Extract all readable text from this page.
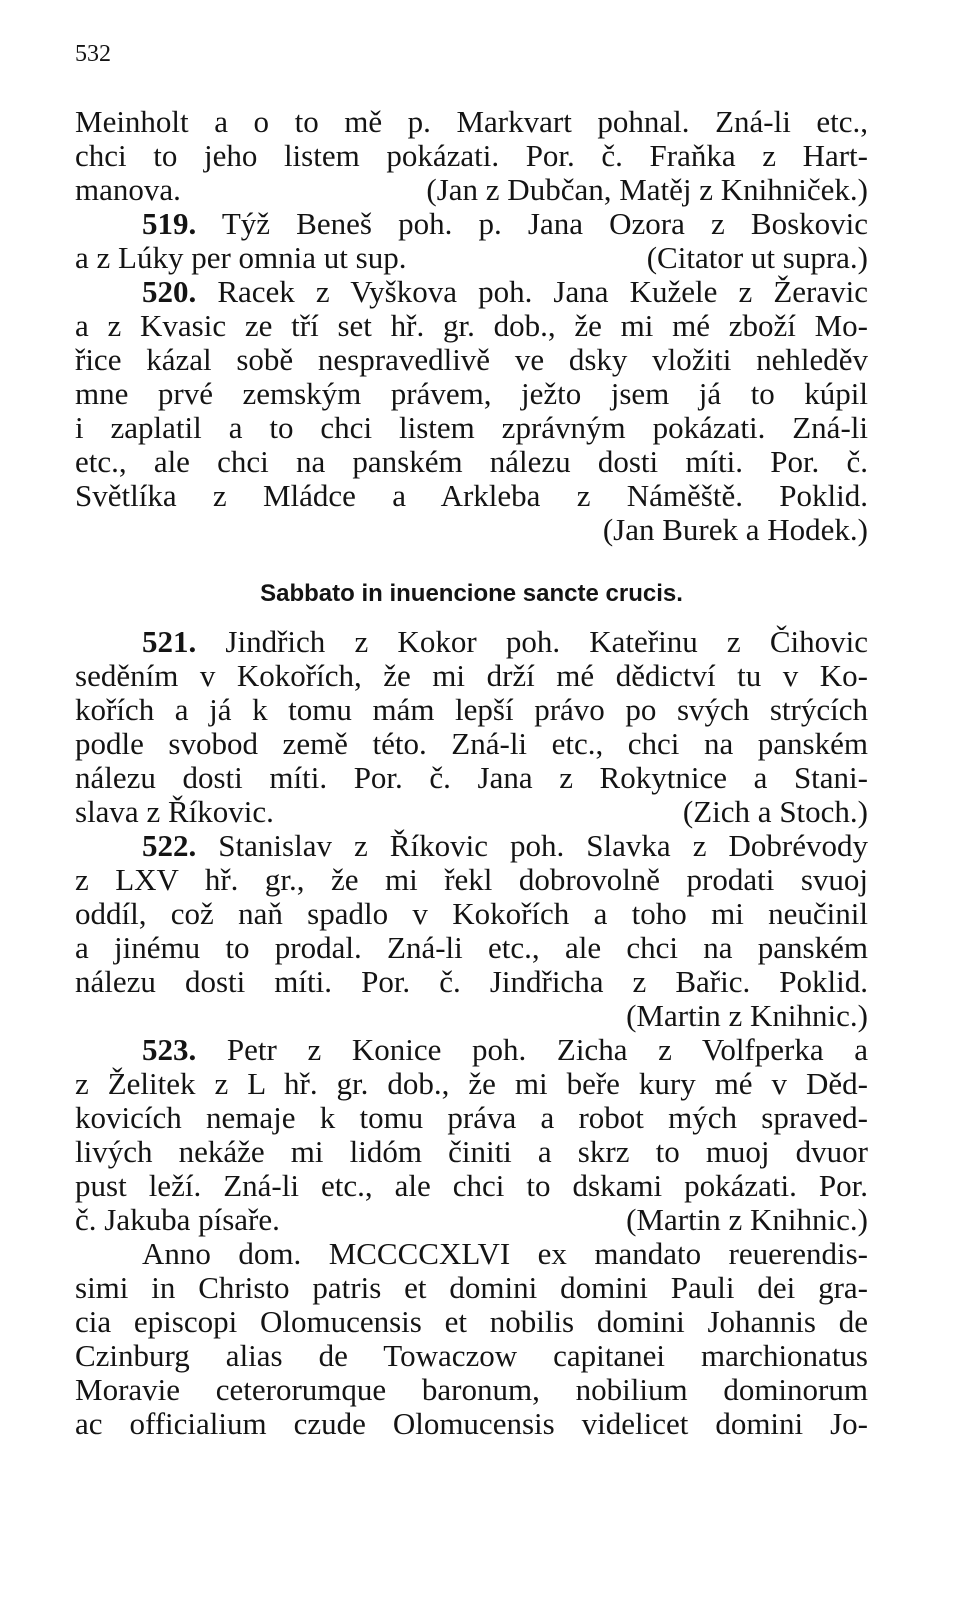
532
Meinholt a o to mě p. Markvart pohnal. Zná-li etc.,
chci to jeho listem pokázati. Por. č. Fraňka z Hart-
manova.	(Jan z Dubčan, Matěj z Knihniček.)
519. Týž Beneš poh. p. Jana Ozora z Boskovic
a z Lúky per omnia ut sup.	(Citator ut supra.)
520. Racek z Vyškova poh. Jana Kužele z Žeravic
a z Kvasic ze tří set hř. gr. dob., že mi mé zboží Mo-
řice kázal sobě nespravedlivě ve dsky vložiti nehleděv
mne prvé zemským právem, ježto jsem já to kúpil
i zaplatil a to chci listem zprávným pokázati. Zná-li
etc., ale chci na panském nálezu dosti míti. Por. č.
Světlíka z Mládce a Arkleba z Náměště. Poklid.
(Jan Burek a Hodek.)
Sabbato in inuencione sancte crucis.
521. Jindřich z Kokor poh. Kateřinu z Čihovic
seděním v Kokořích, že mi drží mé dědictví tu v Ko-
kořích a já k tomu mám lepší právo po svých strýcích
podle svobod země této. Zná-li etc., chci na panském
nálezu dosti míti. Por. č. Jana z Rokytnice a Stani-
slava z Říkovic.	(Zich a Stoch.)
522. Stanislav z Říkovic poh. Slavka z Dobrévody
z LXV hř. gr., že mi řekl dobrovolně prodati svuoj
oddíl, což naň spadlo v Kokořích a toho mi neučinil
a jinému to prodal. Zná-li etc., ale chci na panském
nálezu dosti míti. Por. č. Jindřicha z Bařic. Poklid.
(Martin z Knihnic.)
523. Petr z Konice poh. Zicha z Volfperka a
z Želitek z L hř. gr. dob., že mi beře kury mé v Děd-
kovicích nemaje k tomu práva a robot mých spraved-
livých nekáže mi lidóm činiti a skrz to muoj dvuor
pust leží. Zná-li etc., ale chci to dskami pokázati. Por.
č. Jakuba písaře.	(Martin z Knihnic.)
Anno dom. MCCCCXLVI ex mandato reuerendis-
simi in Christo patris et domini domini Pauli dei gra-
cia episcopi Olomucensis et nobilis domini Johannis de
Czinburg alias de Towaczow capitanei marchionatus
Moravie ceterorumque baronum, nobilium dominorum
ac officialium czude Olomucensis videlicet domini Jo-
